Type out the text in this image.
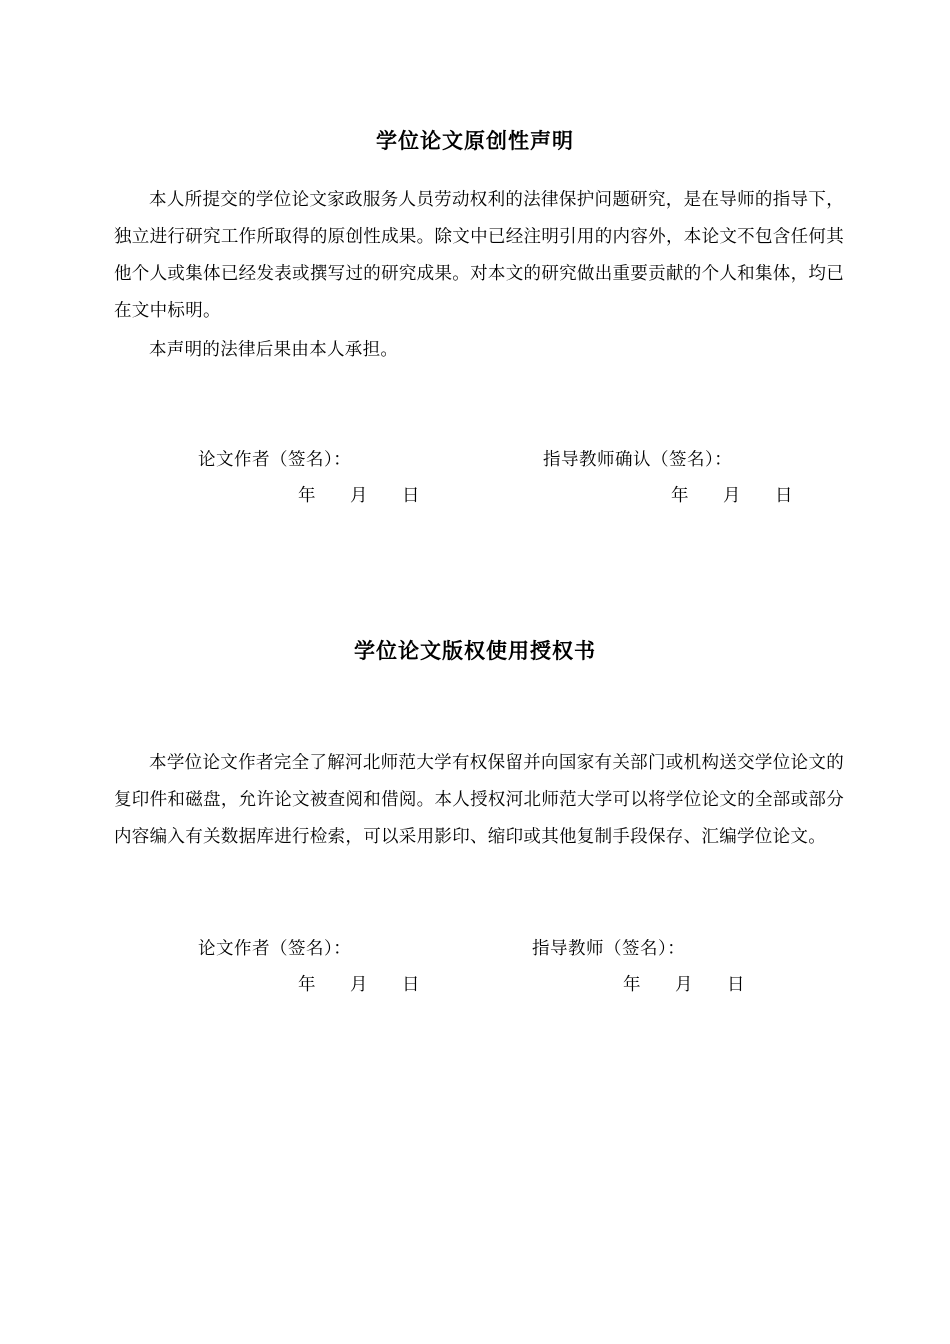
学位论文原创性声明

本人所提交的学位论文家政服务人员劳动权利的法律保护问题研究，是在导师的指导下，独立进行研究工作所取得的原创性成果。除文中已经注明引用的内容外，本论文不包含任何其他个人或集体已经发表或撰写过的研究成果。对本文的研究做出重要贡献的个人和集体，均已在文中标明。

本声明的法律后果由本人承担。

论文作者（签名）：	指导教师确认（签名）：
年 月 日	年 月 日
学位论文版权使用授权书

本学位论文作者完全了解河北师范大学有权保留并向国家有关部门或机构送交学位论文的复印件和磁盘，允许论文被查阅和借阅。本人授权河北师范大学可以将学位论文的全部或部分内容编入有关数据库进行检索，可以采用影印、缩印或其他复制手段保存、汇编学位论文。

论文作者（签名）：	指导教师（签名）：
年 月 日	年 月 日
